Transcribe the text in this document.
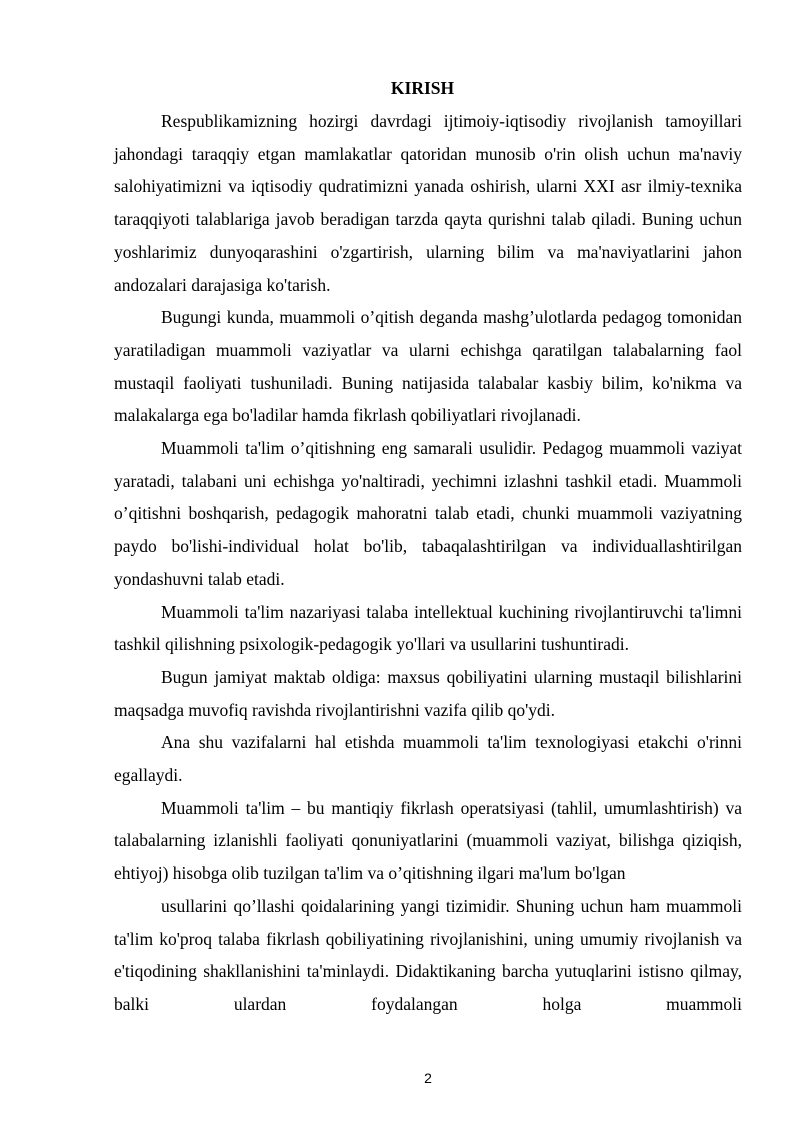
KIRISH

Respublikamizning hozirgi davrdagi ijtimoiy-iqtisodiy rivojlanish tamoyillari jahondagi taraqqiy etgan mamlakatlar qatoridan munosib o'rin olish uchun ma'naviy salohiyatimizni va iqtisodiy qudratimizni yanada oshirish, ularni XXI asr ilmiy-texnika taraqqiyoti talablariga javob beradigan tarzda qayta qurishni talab qiladi. Buning uchun yoshlarimiz dunyoqarashini o'zgartirish, ularning bilim va ma'naviyatlarini jahon andozalari darajasiga ko'tarish.

Bugungi kunda, muammoli o’qitish deganda mashg’ulotlarda pedagog tomonidan yaratiladigan muammoli vaziyatlar va ularni echishga qaratilgan talabalarning faol mustaqil faoliyati tushuniladi. Buning natijasida talabalar kasbiy bilim, ko'nikma va malakalarga ega bo'ladilar hamda fikrlash qobiliyatlari rivojlanadi.

Muammoli ta'lim o’qitishning eng samarali usulidir. Pedagog muammoli vaziyat yaratadi, talabani uni echishga yo'naltiradi, yechimni izlashni tashkil etadi. Muammoli o’qitishni boshqarish, pedagogik mahoratni talab etadi, chunki muammoli vaziyatning paydo bo'lishi-individual holat bo'lib, tabaqalashtirilgan va individuallashtirilgan yondashuvni talab etadi.

Muammoli ta'lim nazariyasi talaba intellektual kuchining rivojlantiruvchi ta'limni tashkil qilishning psixologik-pedagogik yo'llari va usullarini tushuntiradi.

Bugun jamiyat maktab oldiga: maxsus qobiliyatini ularning mustaqil bilishlarini maqsadga muvofiq ravishda rivojlantirishni vazifa qilib qo'ydi.

Ana shu vazifalarni hal etishda muammoli ta'lim texnologiyasi etakchi o'rinni egallaydi.

Muammoli ta'lim – bu mantiqiy fikrlash operatsiyasi (tahlil, umumlashtirish) va talabalarning izlanishli faoliyati qonuniyatlarini (muammoli vaziyat, bilishga qiziqish, ehtiyoj) hisobga olib tuzilgan ta'lim va o’qitishning ilgari ma'lum bo'lgan

usullarini qo’llashi qoidalarining yangi tizimidir. Shuning uchun ham muammoli ta'lim ko'proq talaba fikrlash qobiliyatining rivojlanishini, uning umumiy rivojlanish va e'tiqodining shakllanishini ta'minlaydi. Didaktikaning barcha yutuqlarini istisno qilmay, balki ulardan foydalangan holga muammoli

2
